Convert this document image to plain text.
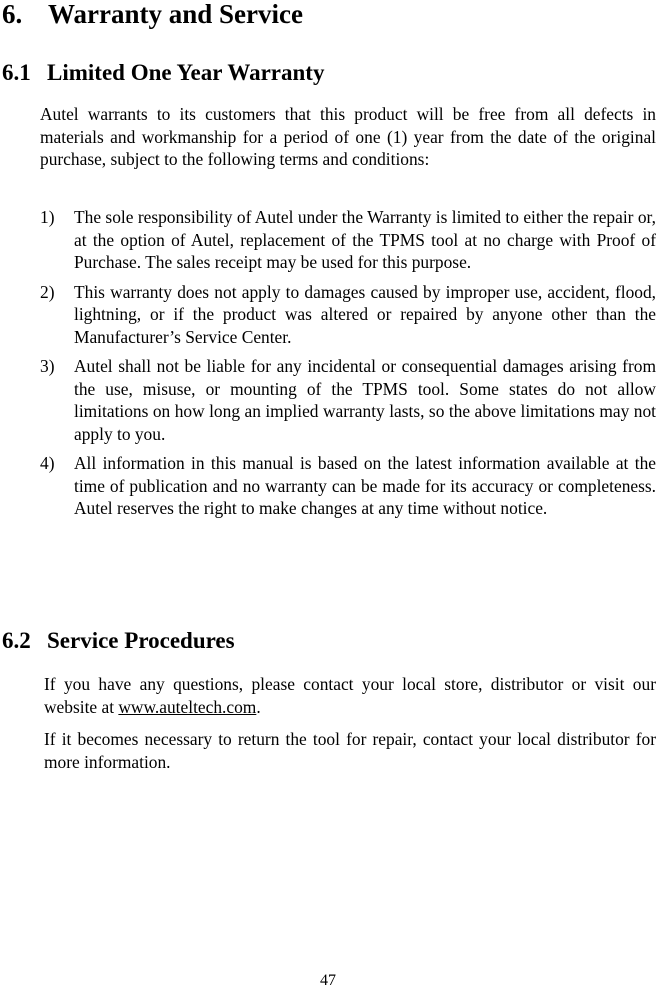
6. Warranty and Service
6.1 Limited One Year Warranty

Autel warrants to its customers that this product will be free from all defects in materials and workmanship for a period of one (1) year from the date of the original purchase, subject to the following terms and conditions:

1) The sole responsibility of Autel under the Warranty is limited to either the repair or, at the option of Autel, replacement of the TPMS tool at no charge with Proof of Purchase. The sales receipt may be used for this purpose.
2) This warranty does not apply to damages caused by improper use, accident, flood, lightning, or if the product was altered or repaired by anyone other than the Manufacturer’s Service Center.
3) Autel shall not be liable for any incidental or consequential damages arising from the use, misuse, or mounting of the TPMS tool. Some states do not allow limitations on how long an implied warranty lasts, so the above limitations may not apply to you.
4) All information in this manual is based on the latest information available at the time of publication and no warranty can be made for its accuracy or completeness. Autel reserves the right to make changes at any time without notice.
6.2 Service Procedures

If you have any questions, please contact your local store, distributor or visit our website at www.auteltech.com.

If it becomes necessary to return the tool for repair, contact your local distributor for more information.

47
